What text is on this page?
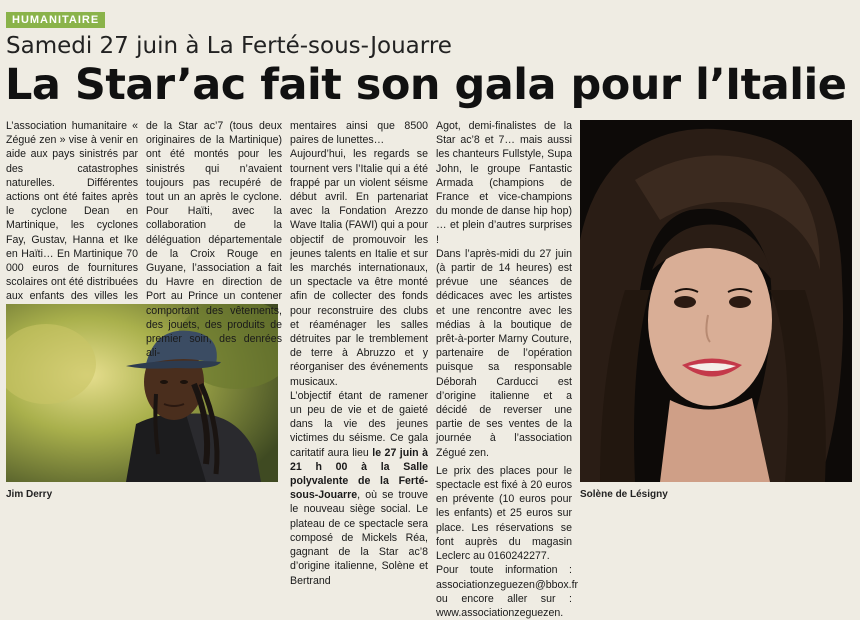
HUMANITAIRE
Samedi 27 juin à La Ferté-sous-Jouarre
La Star’ac fait son gala pour l’Italie

L’association humanitaire « Zégué zen » vise à venir en aide aux pays sinistrés par des catastrophes naturelles. Différentes actions ont été faites après le cyclone Dean en Martinique, les cyclones Fay, Gustav, Hanna et Ike en Haïti… En Martinique 70 000 euros de fournitures scolaires ont été distribuées aux enfants des villes les

Jim Derry

de la Star ac’7 (tous deux originaires de la Martinique) ont été montés pour les sinistrés qui n’avaient toujours pas recupéré de tout un an après le cyclone. Pour Haïti, avec la collaboration de la déléguation départementale de la Croix Rouge en Guyane, l’association a fait du Havre en direction de Port au Prince un contener comportant des vêtements, des jouets, des produits de premier soin, des denrées ali-

mentaires ainsi que 8500 paires de lunettes…

Aujourd’hui, les regards se tournent vers l’Italie qui a été frappé par un violent séisme début avril. En partenariat avec la Fondation Arezzo Wave Italia (FAWI) qui a pour objectif de promouvoir les jeunes talents en Italie et sur les marchés internationaux, un spectacle va être monté afin de collecter des fonds pour reconstruire des clubs et réaménager les salles détruites par le tremblement de terre à Abruzzo et y réorganiser des événements musicaux.

L’objectif étant de ramener un peu de vie et de gaieté dans la vie des jeunes victimes du séisme. Ce gala caritatif aura lieu le 27 juin à 21 h 00 à la Salle polyvalente de la Ferté-sous-Jouarre, où se trouve le nouveau siège social. Le plateau de ce spectacle sera composé de Mickels Réa, gagnant de la Star ac’8 d’origine italienne, Solène et Bertrand

Agot, demi-finalistes de la Star ac’8 et 7… mais aussi les chanteurs Fullstyle, Supa John, le groupe Fantastic Armada (champions de France et vice-champions du monde de danse hip hop) … et plein d’autres surprises !

Dans l’après-midi du 27 juin (à partir de 14 heures) est prévue une séances de dédicaces avec les artistes et une rencontre avec les médias à la boutique de prêt-à-porter Marny Couture, partenaire de l’opération puisque sa responsable Déborah Carducci est d’origine italienne et a décidé de reverser une partie de ses ventes de la journée à l’association Zégué zen.

Le prix des places pour le spectacle est fixé à 20 euros en prévente (10 euros pour les enfants) et 25 euros sur place. Les réservations se font auprès du magasin Leclerc au 0160242277.

Pour toute information : associationzeguezen@bbox.fr ou encore aller sur : www.associationzeguezen.

Solène de Lésigny
